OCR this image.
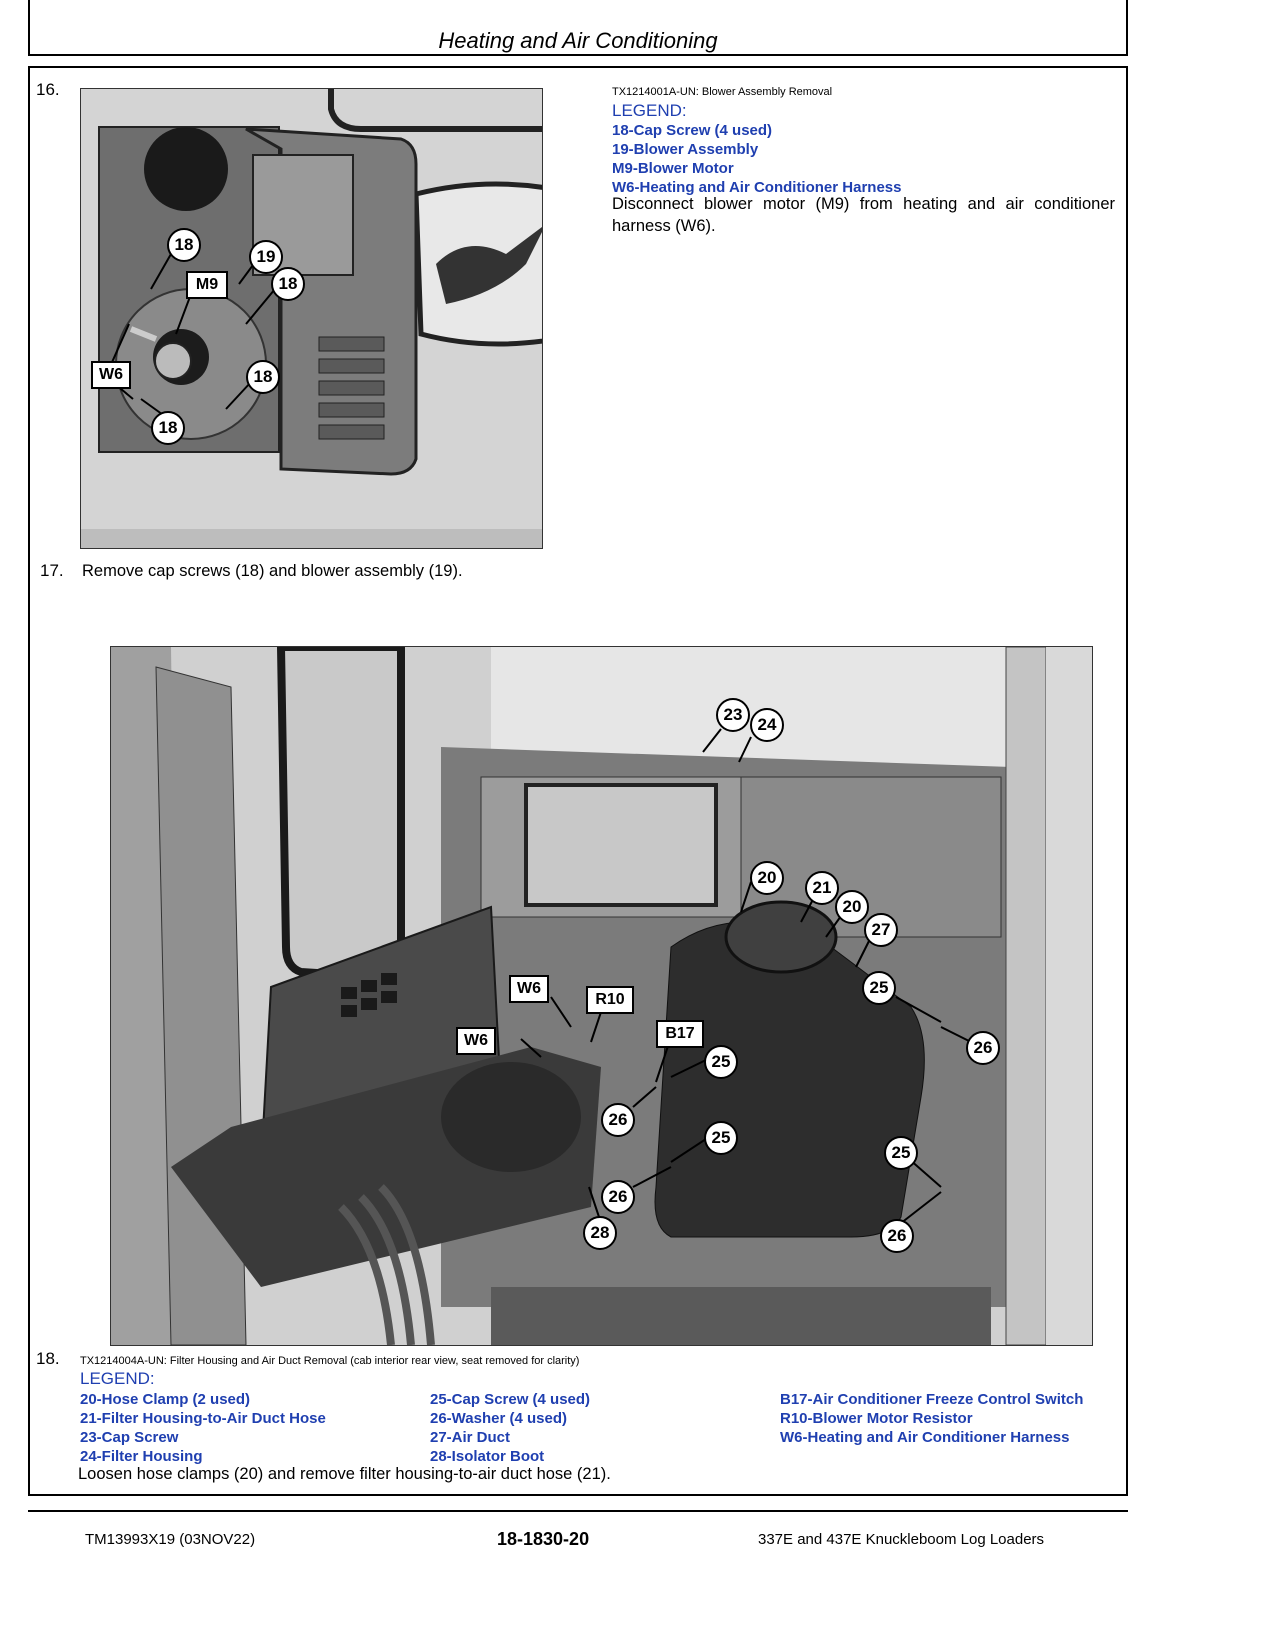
Heating and Air Conditioning
16.
18
19
M9	18
W6	18
18
TX1214001A-UN: Blower Assembly Removal
LEGEND:
18-Cap Screw (4 used)
19-Blower Assembly
M9-Blower Motor
W6-Heating and Air Conditioner Harness
Disconnect blower motor (M9) from heating and air conditioner harness (W6).
17. Remove cap screws (18) and blower assembly (19).
23
24
20
21
20
27
25
26
W6
R10
B17
W6
25
26
25
25
26
28	26
18. TX1214004A-UN: Filter Housing and Air Duct Removal (cab interior rear view, seat removed for clarity)
LEGEND:
20-Hose Clamp (2 used)
21-Filter Housing-to-Air Duct Hose
23-Cap Screw
24-Filter Housing
25-Cap Screw (4 used)
26-Washer (4 used)
27-Air Duct
28-Isolator Boot
B17-Air Conditioner Freeze Control Switch
R10-Blower Motor Resistor
W6-Heating and Air Conditioner Harness
Loosen hose clamps (20) and remove filter housing-to-air duct hose (21).
TM13993X19 (03NOV22)	18-1830-20	337E and 437E Knuckleboom Log Loaders
